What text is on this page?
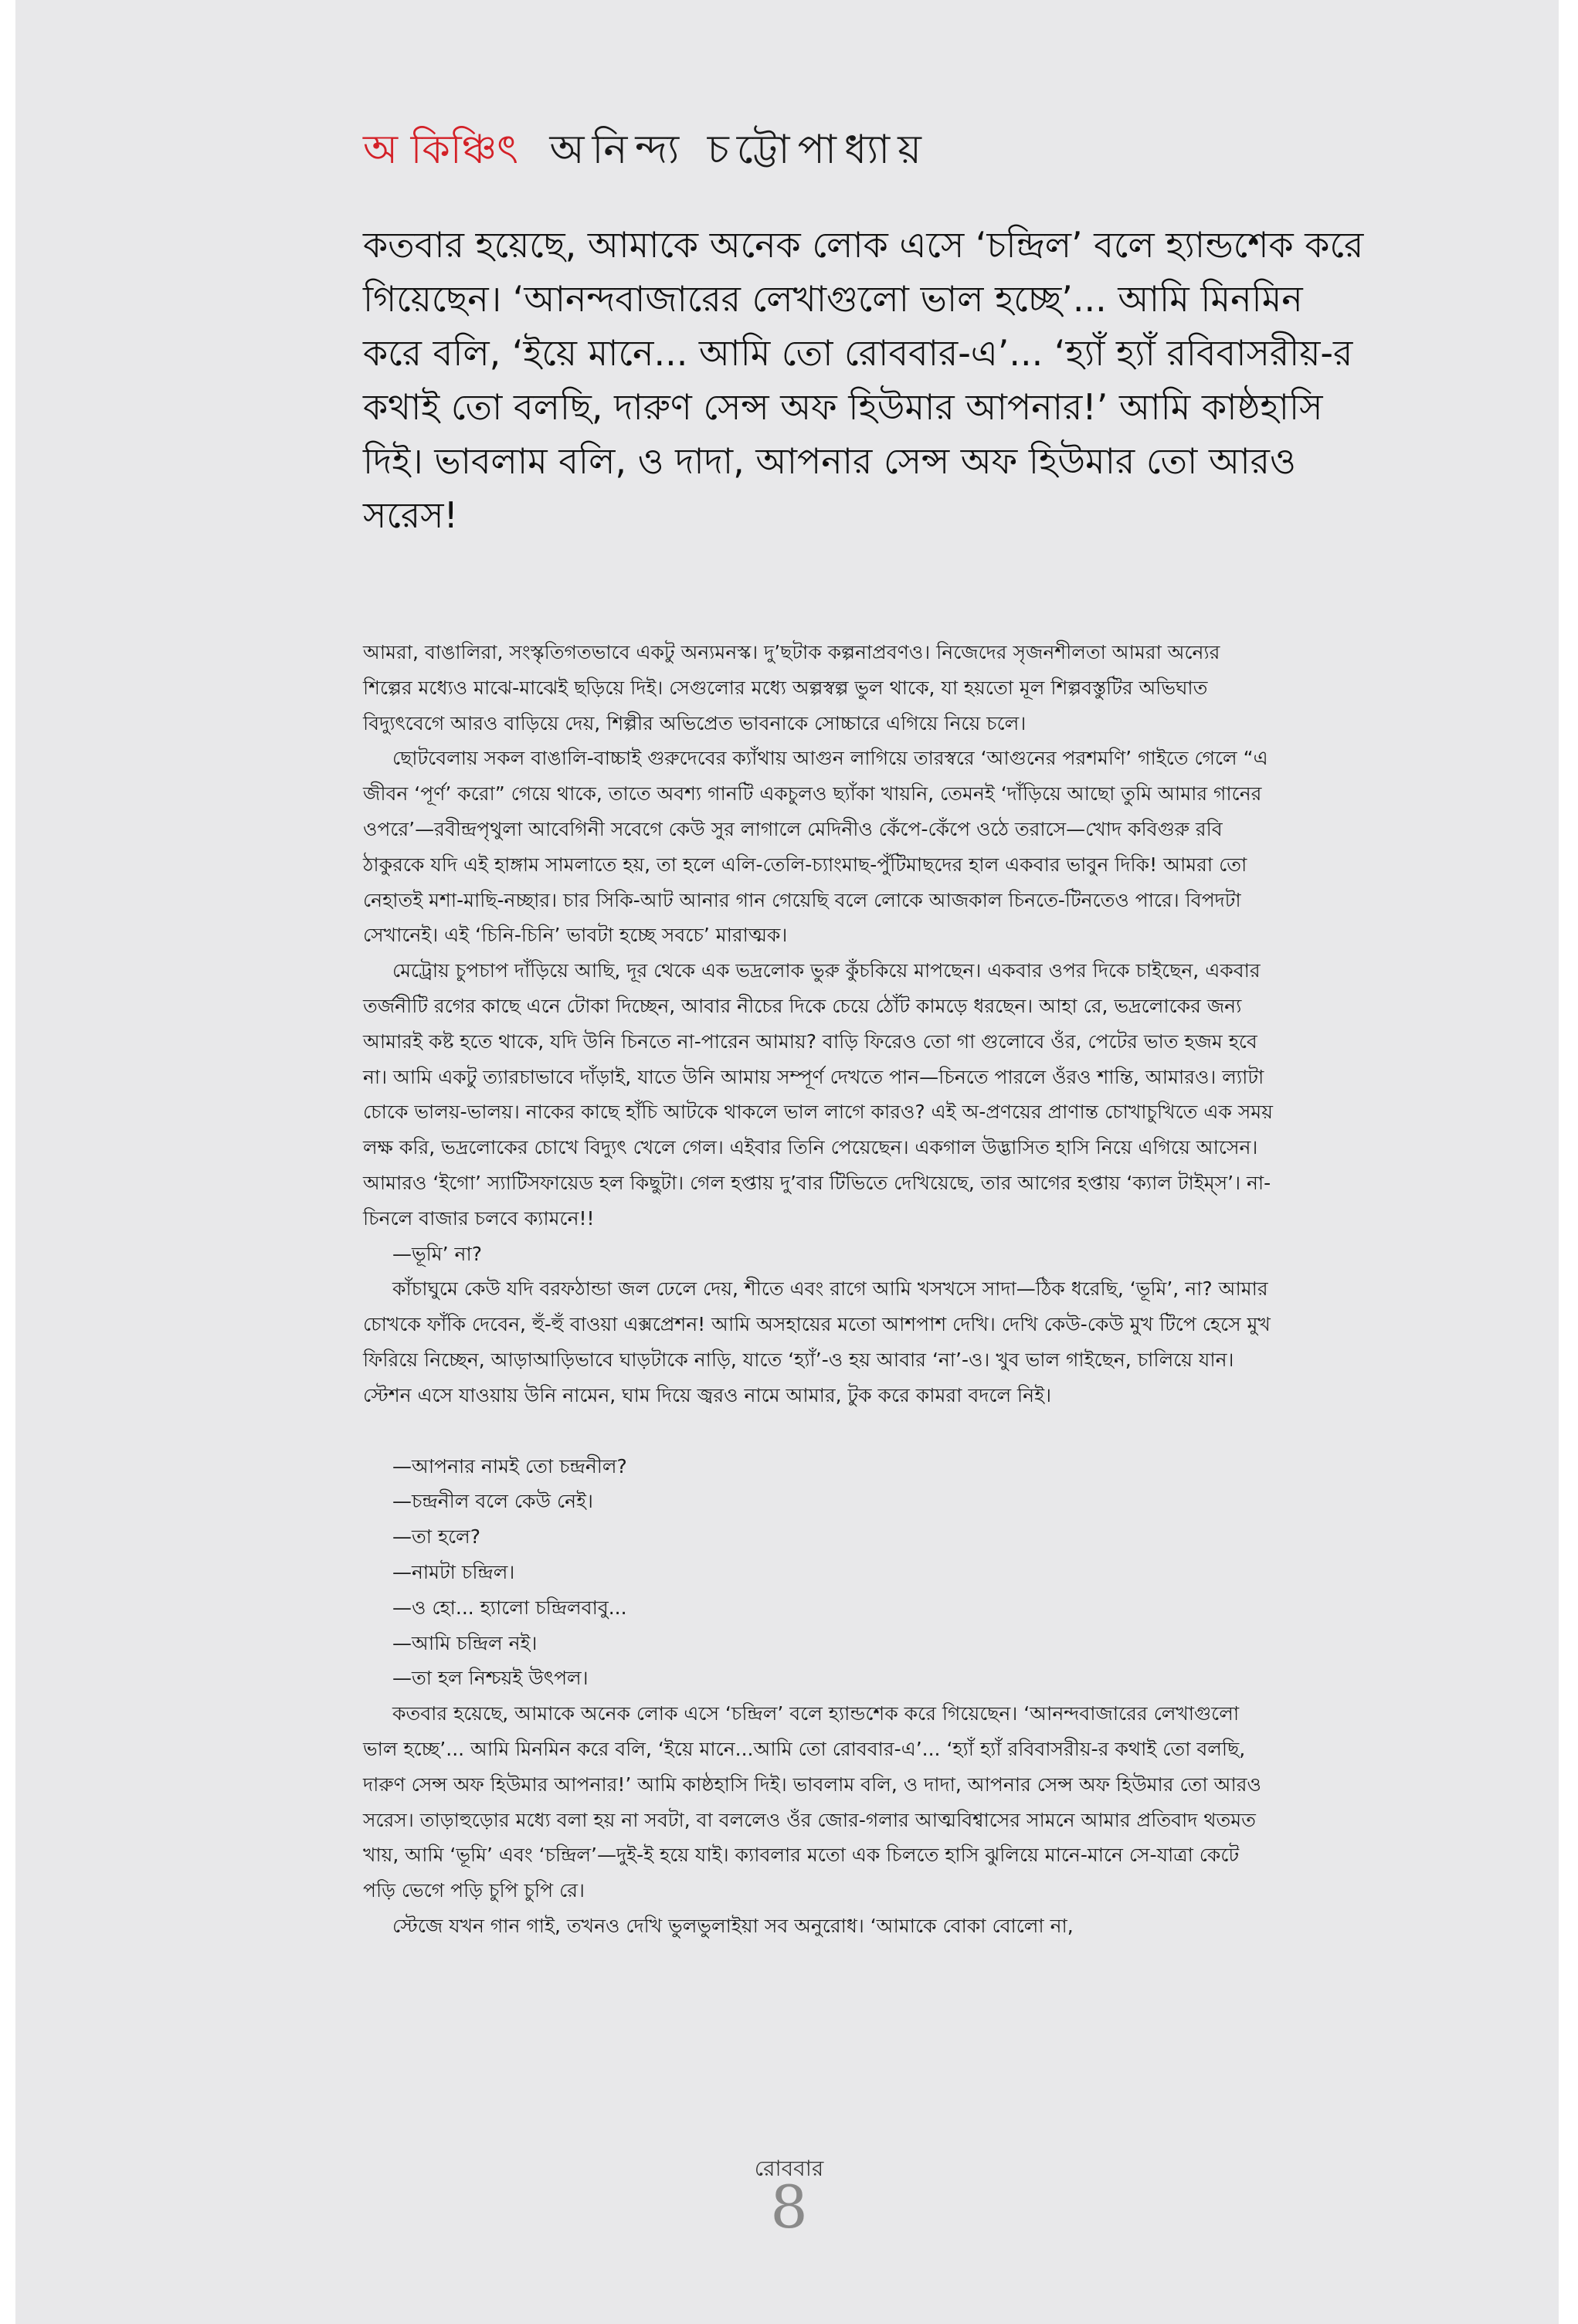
অ কিঞ্চিৎ অনিন্দ্য চট্টোপাধ্যায়
কতবার হয়েছে, আমাকে অনেক লোক এসে ‘চন্দ্রিল’ বলে হ্যান্ডশেক করে গিয়েছেন। ‘আনন্দবাজারের লেখাগুলো ভাল হচ্ছে’... আমি মিনমিন করে বলি, ‘ইয়ে মানে... আমি তো রোববার-এ’... ‘হ্যাঁ হ্যাঁ রবিবাসরীয়-র কথাই তো বলছি, দারুণ সেন্স অফ হিউমার আপনার!’ আমি কাষ্ঠহাসি দিই। ভাবলাম বলি, ও দাদা, আপনার সেন্স অফ হিউমার তো আরও সরেস!

আমরা, বাঙালিরা, সংস্কৃতিগতভাবে একটু অন্যমনস্ক। দু’ছটাক কল্পনাপ্রবণও। নিজেদের সৃজনশীলতা আমরা অন্যের শিল্পের মধ্যেও মাঝে-মাঝেই ছড়িয়ে দিই। সেগুলোর মধ্যে অল্পস্বল্প ভুল থাকে, যা হয়তো মূল শিল্পবস্তুটির অভিঘাত বিদ্যুৎবেগে আরও বাড়িয়ে দেয়, শিল্পীর অভিপ্রেত ভাবনাকে সোচ্চারে এগিয়ে নিয়ে চলে।

ছোটবেলায় সকল বাঙালি-বাচ্চাই গুরুদেবের ক্যাঁথায় আগুন লাগিয়ে তারস্বরে ‘আগুনের পরশমণি’ গাইতে গেলে “এ জীবন ‘পূর্ণ’ করো” গেয়ে থাকে, তাতে অবশ্য গানটি একচুলও ছ্যাঁকা খায়নি, তেমনই ‘দাঁড়িয়ে আছো তুমি আমার গানের ওপরে’—রবীন্দ্রপৃথুলা আবেগিনী সবেগে কেউ সুর লাগালে মেদিনীও কেঁপে-কেঁপে ওঠে তরাসে—খোদ কবিগুরু রবি ঠাকুরকে যদি এই হাঙ্গাম সামলাতে হয়, তা হলে এলি-তেলি-চ্যাংমাছ-পুঁটিমাছদের হাল একবার ভাবুন দিকি! আমরা তো নেহাতই মশা-মাছি-নচ্ছার। চার সিকি-আট আনার গান গেয়েছি বলে লোকে আজকাল চিনতে-টিনতেও পারে। বিপদটা সেখানেই। এই ‘চিনি-চিনি’ ভাবটা হচ্ছে সবচে’ মারাত্মক।

মেট্রোয় চুপচাপ দাঁড়িয়ে আছি, দূর থেকে এক ভদ্রলোক ভুরু কুঁচকিয়ে মাপছেন। একবার ওপর দিকে চাইছেন, একবার তর্জনীটি রগের কাছে এনে টোকা দিচ্ছেন, আবার নীচের দিকে চেয়ে ঠোঁট কামড়ে ধরছেন। আহা রে, ভদ্রলোকের জন্য আমারই কষ্ট হতে থাকে, যদি উনি চিনতে না-পারেন আমায়? বাড়ি ফিরেও তো গা গুলোবে ওঁর, পেটের ভাত হজম হবে না। আমি একটু ত্যারচাভাবে দাঁড়াই, যাতে উনি আমায় সম্পূর্ণ দেখতে পান—চিনতে পারলে ওঁরও শান্তি, আমারও। ল্যাটা চোকে ভালয়-ভালয়। নাকের কাছে হাঁচি আটকে থাকলে ভাল লাগে কারও? এই অ-প্রণয়ের প্রাণান্ত চোখাচুখিতে এক সময় লক্ষ করি, ভদ্রলোকের চোখে বিদ্যুৎ খেলে গেল। এইবার তিনি পেয়েছেন। একগাল উদ্ভাসিত হাসি নিয়ে এগিয়ে আসেন। আমারও ‘ইগো’ স্যাটিসফায়েড হল কিছুটা। গেল হপ্তায় দু’বার টিভিতে দেখিয়েছে, তার আগের হপ্তায় ‘ক্যাল টাইম্‌স’। না-চিনলে বাজার চলবে ক্যামনে!!

—ভূমি’ না?

কাঁচাঘুমে কেউ যদি বরফঠান্ডা জল ঢেলে দেয়, শীতে এবং রাগে আমি খসখসে সাদা—ঠিক ধরেছি, ‘ভূমি’, না? আমার চোখকে ফাঁকি দেবেন, হুঁ-হুঁ বাওয়া এক্সপ্রেশন! আমি অসহায়ের মতো আশপাশ দেখি। দেখি কেউ-কেউ মুখ টিপে হেসে মুখ ফিরিয়ে নিচ্ছেন, আড়াআড়িভাবে ঘাড়টাকে নাড়ি, যাতে ‘হ্যাঁ’-ও হয় আবার ‘না’-ও। খুব ভাল গাইছেন, চালিয়ে যান। স্টেশন এসে যাওয়ায় উনি নামেন, ঘাম দিয়ে জ্বরও নামে আমার, টুক করে কামরা বদলে নিই।

—আপনার নামই তো চন্দ্রনীল?

—চন্দ্রনীল বলে কেউ নেই।

—তা হলে?

—নামটা চন্দ্রিল।

—ও হো... হ্যালো চন্দ্রিলবাবু...

—আমি চন্দ্রিল নই।

—তা হল নিশ্চয়ই উৎপল।

কতবার হয়েছে, আমাকে অনেক লোক এসে ‘চন্দ্রিল’ বলে হ্যান্ডশেক করে গিয়েছেন। ‘আনন্দবাজারের লেখাগুলো ভাল হচ্ছে’... আমি মিনমিন করে বলি, ‘ইয়ে মানে...আমি তো রোববার-এ’... ‘হ্যাঁ হ্যাঁ রবিবাসরীয়-র কথাই তো বলছি, দারুণ সেন্স অফ হিউমার আপনার!’ আমি কাষ্ঠহাসি দিই। ভাবলাম বলি, ও দাদা, আপনার সেন্স অফ হিউমার তো আরও সরেস। তাড়াহুড়োর মধ্যে বলা হয় না সবটা, বা বললেও ওঁর জোর-গলার আত্মবিশ্বাসের সামনে আমার প্রতিবাদ থতমত খায়, আমি ‘ভূমি’ এবং ‘চন্দ্রিল’—দুই-ই হয়ে যাই। ক্যাবলার মতো এক চিলতে হাসি ঝুলিয়ে মানে-মানে সে-যাত্রা কেটে পড়ি ভেগে পড়ি চুপি চুপি রে।

স্টেজে যখন গান গাই, তখনও দেখি ভুলভুলাইয়া সব অনুরোধ। ‘আমাকে বোকা বোলো না,

রোববার
8
